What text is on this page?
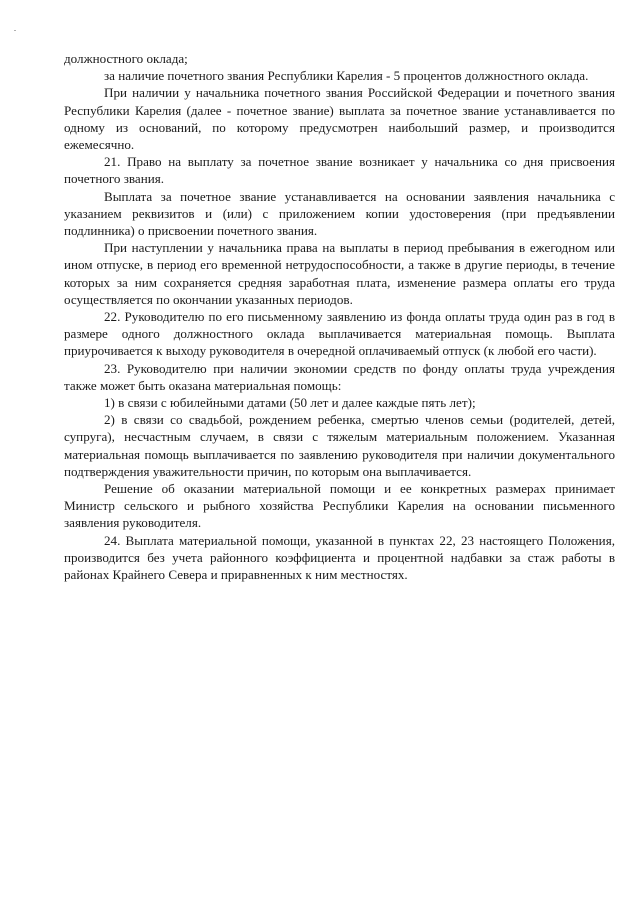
должностного оклада;

за наличие почетного звания Республики Карелия - 5 процентов должностного оклада.

При наличии у начальника почетного звания Российской Федерации и почетного звания Республики Карелия (далее - почетное звание) выплата за почетное звание устанавливается по одному из оснований, по которому предусмотрен наибольший размер, и производится ежемесячно.

21. Право на выплату за почетное звание возникает у начальника со дня присвоения почетного звания.

Выплата за почетное звание устанавливается на основании заявления начальника с указанием реквизитов и (или) с приложением копии удостоверения (при предъявлении подлинника) о присвоении почетного звания.

При наступлении у начальника права на выплаты в период пребывания в ежегодном или ином отпуске, в период его временной нетрудоспособности, а также в другие периоды, в течение которых за ним сохраняется средняя заработная плата, изменение размера оплаты его труда осуществляется по окончании указанных периодов.

22. Руководителю по его письменному заявлению из фонда оплаты труда один раз в год в размере одного должностного оклада выплачивается материальная помощь. Выплата приурочивается к выходу руководителя в очередной оплачиваемый отпуск (к любой его части).

23. Руководителю при наличии экономии средств по фонду оплаты труда учреждения также может быть оказана материальная помощь:

1) в связи с юбилейными датами (50 лет и далее каждые пять лет);

2) в связи со свадьбой, рождением ребенка, смертью членов семьи (родителей, детей, супруга), несчастным случаем, в связи с тяжелым материальным положением. Указанная материальная помощь выплачивается по заявлению руководителя при наличии документального подтверждения уважительности причин, по которым она выплачивается.

Решение об оказании материальной помощи и ее конкретных размерах принимает Министр сельского и рыбного хозяйства Республики Карелия на основании письменного заявления руководителя.

24. Выплата материальной помощи, указанной в пунктах 22, 23 настоящего Положения, производится без учета районного коэффициента и процентной надбавки за стаж работы в районах Крайнего Севера и приравненных к ним местностях.
